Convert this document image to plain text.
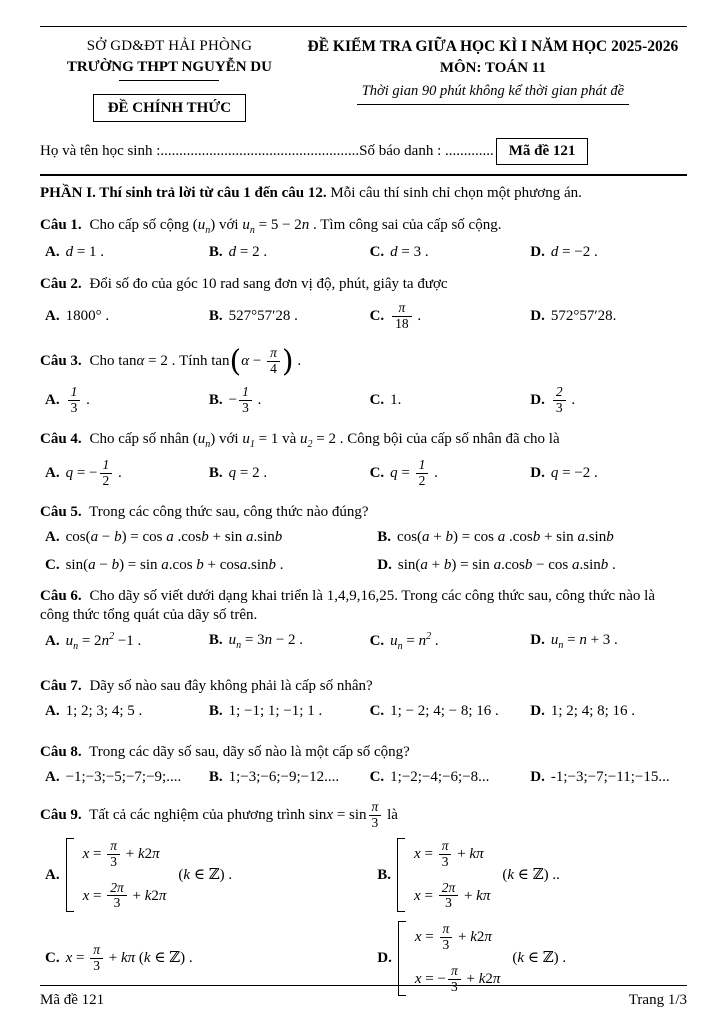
SỞ GD&ĐT HẢI PHÒNG
TRƯỜNG THPT NGUYỄN DU
ĐỀ CHÍNH THỨC
ĐỀ KIỂM TRA GIỮA HỌC KÌ I NĂM HỌC 2025-2026
MÔN: TOÁN 11
Thời gian 90 phút không kể thời gian phát đề
Họ và tên học sinh :..................................................... Số báo danh : .............	Mã đề 121

PHẦN I. Thí sinh trả lời từ câu 1 đến câu 12. Mỗi câu thí sinh chỉ chọn một phương án.

Câu 1. Cho cấp số cộng $(u_n)$ với $u_n = 5 - 2n$ . Tìm công sai của cấp số cộng.

A. d = 1 .	B. d = 2 .	C. d = 3 .	D. d = −2 .

Câu 2. Đổi số đo của góc 10 rad sang đơn vị độ, phút, giây ta được

A. 1800° .	B. 527°57′28 .	C. $\frac{\pi}{18}$ .	D. 572°57′28.

Câu 3. Cho tanα = 2 . Tính $\tan(\alpha - \frac{\pi}{4}$ ) .

A. $\frac{1}{3}$ .	B. − $\frac{1}{3}$ .	C. 1.	D. $\frac{2}{3}$ .

Câu 4. Cho cấp số nhân $(u_n)$ với $u_1 = 1$ và $u_2 = 2$ . Công bội của cấp số nhân đã cho là

A. q = − $\frac{1}{2}$ .	B. q = 2 .	C. $q = \frac{1}{2}$ .	D. q = −2 .

Câu 5. Trong các công thức sau, công thức nào đúng?

A. cos(a − b) = cos a .cosb + sin a.sinb	B. cos(a + b) = cos a .cosb + sin a.sinb
C. sin(a − b) = sin a.cos b + cosa.sinb .	D. sin(a + b) = sin a.cosb − cos a.sinb .

Câu 6. Cho dãy số viết dưới dạng khai triển là 1,4,9,16,25. Trong các công thức sau, công thức nào là công thức tổng quát của dãy số trên.

A. $u_n = 2n^2 -1$ .	B. $u_n = 3n - 2$ .	C. $u_n = n^2$ .	D. $u_n = n + 3$ .

Câu 7. Dãy số nào sau đây không phải là cấp số nhân?

A. 1; 2; 3; 4; 5 .	B. 1; −1; 1; −1; 1 .	C. 1; − 2; 4; − 8; 16 .	D. 1; 2; 4; 8; 16 .

Câu 8. Trong các dãy số sau, dãy số nào là một cấp số cộng?

A. −1;−3;−5;−7;−9;....	B. 1;−3;−6;−9;−12....	C. 1;−2;−4;−6;−8...	D. -1;−3;−7;−11;−15...

Câu 9. Tất cả các nghiệm của phương trình $\sin x = \sin \frac{\pi}{3}$ là

A.
$x = \frac{\pi}{3} + k2\pi$
$x = \frac{2\pi}{3} + k2\pi$
(k ∈ ℤ) .	B.
$x = \frac{\pi}{3} + k\pi$
$x = \frac{2\pi}{3} + k\pi$
(k ∈ ℤ) ..
C. $x = \frac{\pi}{3} + k\pi$ (k ∈ ℤ) .	D.
$x = \frac{\pi}{3} + k2\pi$
x = − $\frac{\pi}{3} + k2\pi$
(k ∈ ℤ) .
Mã đề 121	Trang 1/3
